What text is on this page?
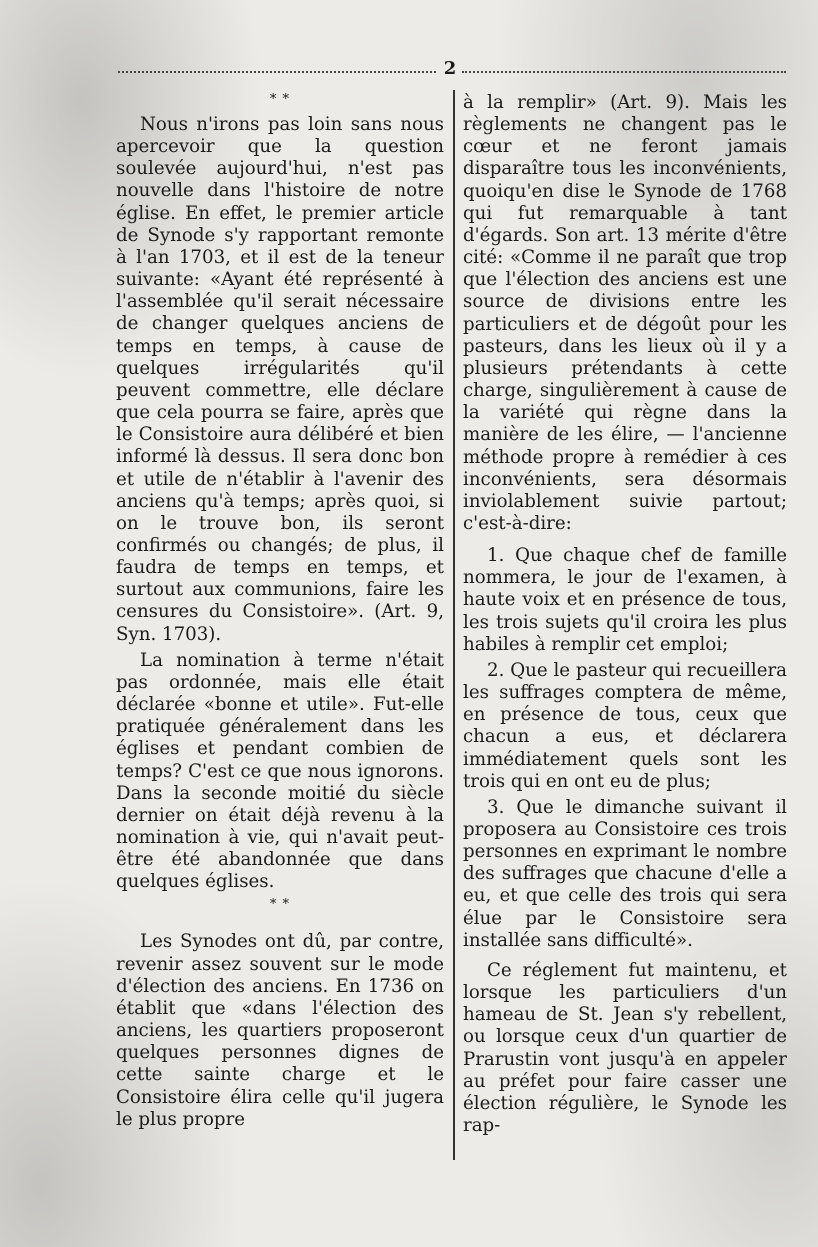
2
* *

Nous n'irons pas loin sans nous apercevoir que la question soulevée aujourd'hui, n'est pas nouvelle dans l'histoire de notre église. En effet, le premier article de Synode s'y rapportant remonte à l'an 1703, et il est de la teneur suivante: «Ayant été représenté à l'assemblée qu'il serait nécessaire de changer quelques anciens de temps en temps, à cause de quelques irrégularités qu'il peuvent commettre, elle déclare que cela pourra se faire, après que le Consistoire aura délibéré et bien informé là dessus. Il sera donc bon et utile de n'établir à l'avenir des anciens qu'à temps; après quoi, si on le trouve bon, ils seront confirmés ou changés; de plus, il faudra de temps en temps, et surtout aux communions, faire les censures du Consistoire». (Art. 9, Syn. 1703).

La nomination à terme n'était pas ordonnée, mais elle était déclarée «bonne et utile». Fut-elle pratiquée généralement dans les églises et pendant combien de temps? C'est ce que nous ignorons. Dans la seconde moitié du siècle dernier on était déjà revenu à la nomination à vie, qui n'avait peut-être été abandonnée que dans quelques églises.

* *

Les Synodes ont dû, par contre, revenir assez souvent sur le mode d'élection des anciens. En 1736 on établit que «dans l'élection des anciens, les quartiers proposeront quelques personnes dignes de cette sainte charge et le Consistoire élira celle qu'il jugera le plus propre

à la remplir» (Art. 9). Mais les règlements ne changent pas le cœur et ne feront jamais disparaître tous les inconvénients, quoiqu'en dise le Synode de 1768 qui fut remarquable à tant d'égards. Son art. 13 mérite d'être cité: «Comme il ne paraît que trop que l'élection des anciens est une source de divisions entre les particuliers et de dégoût pour les pasteurs, dans les lieux où il y a plusieurs prétendants à cette charge, singulièrement à cause de la variété qui règne dans la manière de les élire, — l'ancienne méthode propre à remédier à ces inconvénients, sera désormais inviolablement suivie partout; c'est-à-dire:

1. Que chaque chef de famille nommera, le jour de l'examen, à haute voix et en présence de tous, les trois sujets qu'il croira les plus habiles à remplir cet emploi;

2. Que le pasteur qui recueillera les suffrages comptera de même, en présence de tous, ceux que chacun a eus, et déclarera immédiatement quels sont les trois qui en ont eu de plus;

3. Que le dimanche suivant il proposera au Consistoire ces trois personnes en exprimant le nombre des suffrages que chacune d'elle a eu, et que celle des trois qui sera élue par le Consistoire sera installée sans difficulté».

Ce réglement fut maintenu, et lorsque les particuliers d'un hameau de St. Jean s'y rebellent, ou lorsque ceux d'un quartier de Prarustin vont jusqu'à en appeler au préfet pour faire casser une élection régulière, le Synode les rap-
